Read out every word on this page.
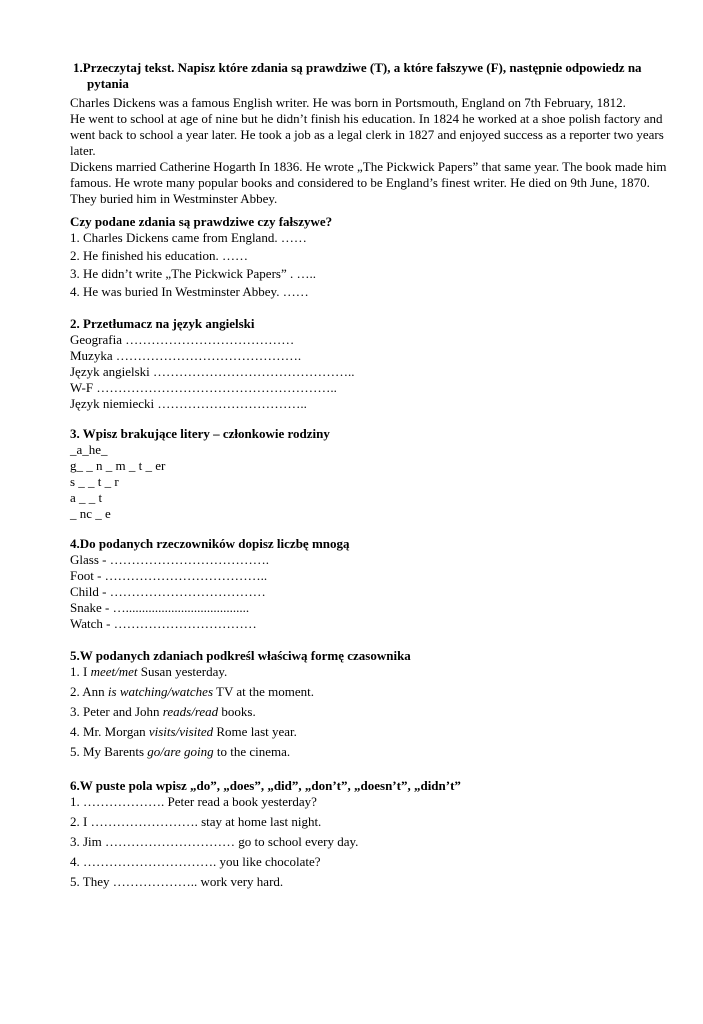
1.Przeczytaj tekst. Napisz które zdania są prawdziwe (T), a które fałszywe (F), następnie odpowiedz na pytania

Charles Dickens was a famous English writer. He was born in Portsmouth, England on 7th February, 1812.

He went to school at age of nine but he didn’t finish his education. In 1824 he worked at a shoe polish factory and went back to school a year later. He took a job as a legal clerk in 1827 and enjoyed success as a reporter two years later.

Dickens married Catherine Hogarth In 1836. He wrote „The Pickwick Papers” that same year. The book made him famous. He wrote many popular books and considered to be England’s finest writer. He died on 9th June, 1870. They buried him in Westminster Abbey.

Czy podane zdania są prawdziwe czy fałszywe?

1. Charles Dickens came from England. ……

2. He finished his education. ……

3. He didn’t write „The Pickwick Papers” . …..

4. He was buried In Westminster Abbey. ……

2. Przetłumacz na język angielski

Geografia …………………………………

Muzyka …………………………………….

Język angielski ………………………………………..

W-F ………………………………………………..

Język niemiecki ……………………………..

3. Wpisz brakujące litery – członkowie rodziny

_a_he_

g_ _ n _ m _ t _ er

s _ _ t _ r

a _ _ t

_ nc _ e

4.Do podanych rzeczowników dopisz liczbę mnogą

Glass - ……………………………….

Foot - ………………………………..

Child - ………………………………

Snake - …......................................

Watch - ……………………………

5.W podanych zdaniach podkreśl właściwą formę czasownika

1. I meet/met Susan yesterday.

2. Ann is watching/watches TV at the moment.

3. Peter and John reads/read books.

4. Mr. Morgan visits/visited Rome last year.

5. My Barents go/are going to the cinema.

6.W puste pola wpisz „do”, „does”, „did”, „don’t”, „doesn’t”, „didn’t”

1. ………………. Peter read a book yesterday?

2. I ……………………. stay at home last night.

3. Jim ………………………… go to school every day.

4. …………………………. you like chocolate?

5. They ……………….. work very hard.
